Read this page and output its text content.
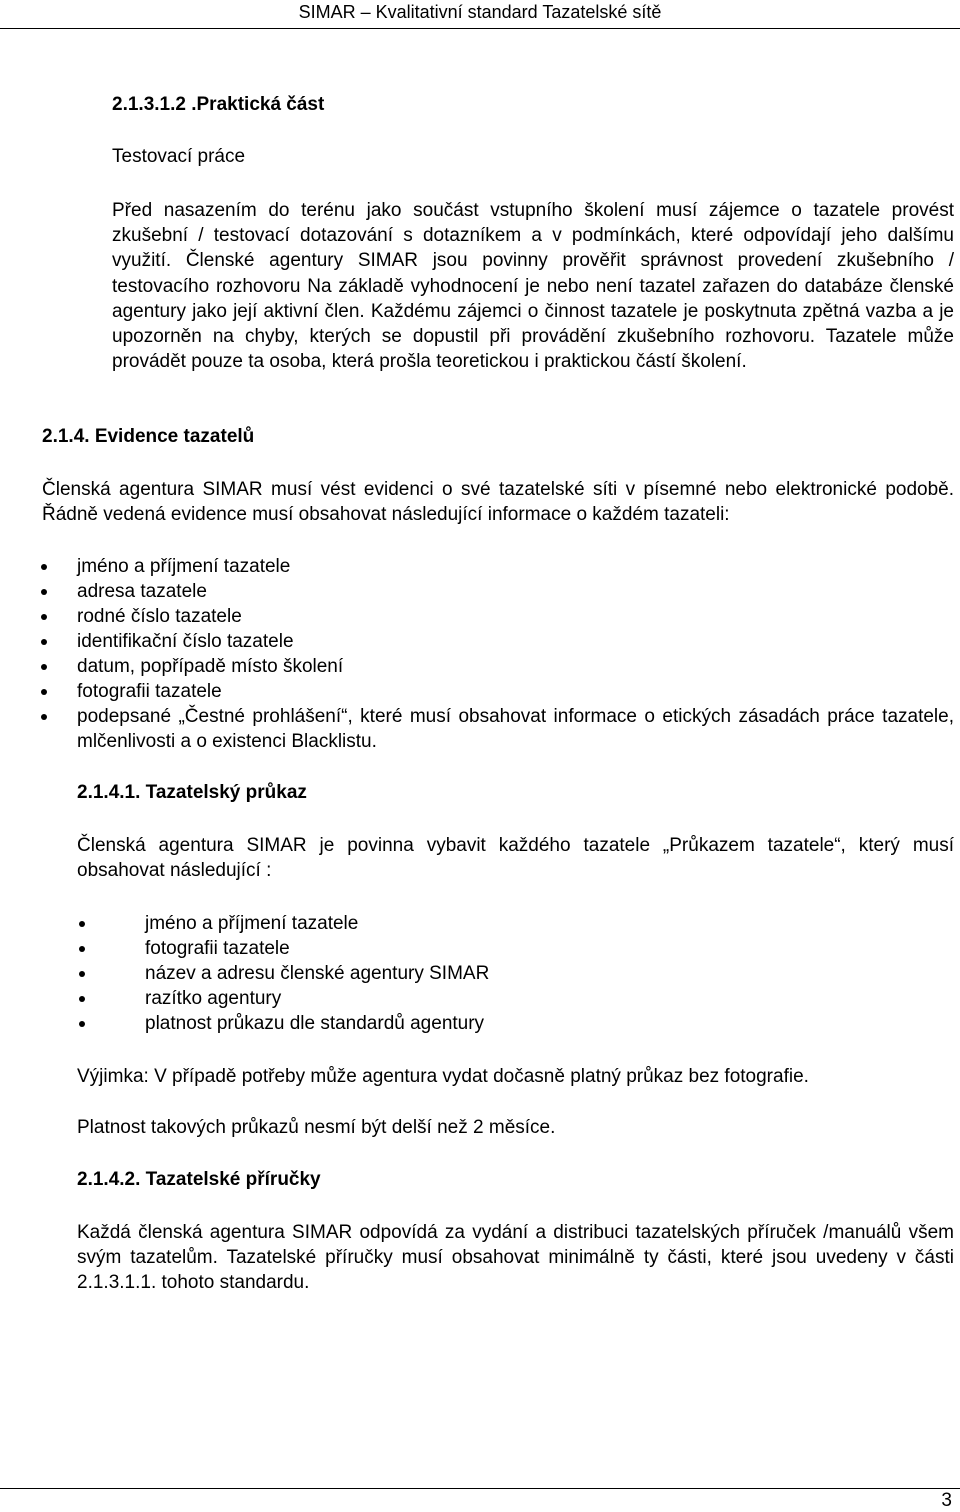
SIMAR – Kvalitativní standard Tazatelské sítě
2.1.3.1.2 .Praktická část
Testovací práce

Před nasazením do terénu jako součást vstupního školení musí zájemce o tazatele provést zkušební / testovací dotazování s dotazníkem a v podmínkách, které odpovídají jeho dalšímu využití. Členské agentury SIMAR jsou povinny prověřit správnost provedení zkušebního / testovacího rozhovoru Na základě vyhodnocení je nebo není tazatel zařazen do databáze členské agentury jako její aktivní člen. Každému zájemci o činnost tazatele je poskytnuta zpětná vazba a je upozorněn na chyby, kterých se dopustil při provádění zkušebního rozhovoru. Tazatele může provádět pouze ta osoba, která prošla teoretickou i praktickou částí školení.

2.1.4. Evidence tazatelů

Členská agentura SIMAR musí vést evidenci o své tazatelské síti v písemné nebo elektronické podobě. Řádně vedená evidence musí obsahovat následující informace o každém tazateli:

jméno a příjmení tazatele
adresa tazatele
rodné číslo tazatele
identifikační číslo tazatele
datum, popřípadě místo školení
fotografii tazatele
podepsané „Čestné prohlášení“, které musí obsahovat informace o etických zásadách práce tazatele, mlčenlivosti a o existenci Blacklistu.
2.1.4.1. Tazatelský průkaz

Členská agentura SIMAR je povinna vybavit každého tazatele „Průkazem tazatele“, který musí obsahovat následující :

jméno a příjmení tazatele
fotografii tazatele
název a adresu členské agentury SIMAR
razítko agentury
platnost průkazu dle standardů agentury

Výjimka: V případě potřeby může agentura vydat dočasně platný průkaz bez fotografie.

Platnost takových průkazů nesmí být delší než 2 měsíce.

2.1.4.2. Tazatelské příručky

Každá členská agentura SIMAR odpovídá za vydání a distribuci tazatelských příruček /manuálů všem svým tazatelům. Tazatelské příručky musí obsahovat minimálně ty části, které jsou uvedeny v části 2.1.3.1.1. tohoto standardu.

3
